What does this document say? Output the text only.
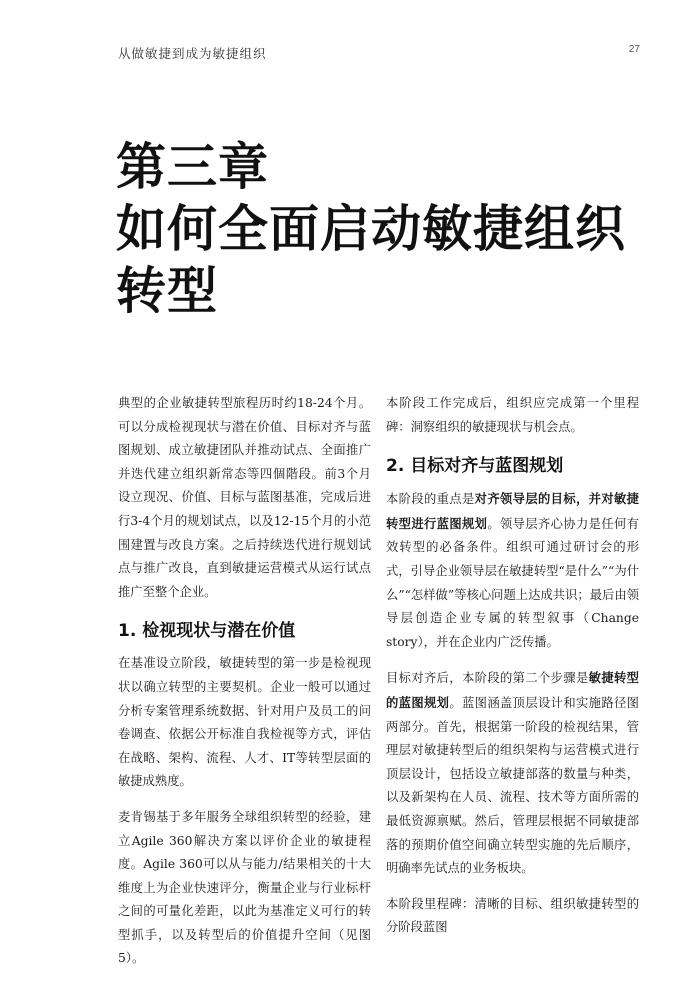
从做敏捷到成为敏捷组织	27
第三章
如何全面启动敏捷组织
转型

典型的企业敏捷转型旅程历时约18-24个月。可以分成检视现状与潜在价值、目标对齐与蓝图规划、成立敏捷团队并推动试点、全面推广并迭代建立组织新常态等四個階段。前3个月设立现况、价值、目标与蓝图基准，完成后进行3-4个月的规划试点，以及12-15个月的小范围建置与改良方案。之后持续迭代进行规划试点与推广改良，直到敏捷运营模式从运行试点推广至整个企业。

1. 检视现状与潜在价值

在基准设立阶段，敏捷转型的第一步是检视现状以确立转型的主要契机。企业一般可以通过分析专案管理系统数据、针对用户及员工的问卷调查、依据公开标准自我检视等方式，评估在战略、架构、流程、人才、IT等转型层面的敏捷成熟度。

麦肯锡基于多年服务全球组织转型的经验，建立Agile 360解决方案以评价企业的敏捷程度。Agile 360可以从与能力/结果相关的十大维度上为企业快速评分，衡量企业与行业标杆之间的可量化差距，以此为基准定义可行的转型抓手，以及转型后的价值提升空间（见图5）。

本阶段工作完成后，组织应完成第一个里程碑：洞察组织的敏捷现状与机会点。

2. 目标对齐与蓝图规划

本阶段的重点是对齐领导层的目标，并对敏捷转型进行蓝图规划。领导层齐心协力是任何有效转型的必备条件。组织可通过研讨会的形式，引导企业领导层在敏捷转型“是什么”“为什么”“怎样做”等核心问题上达成共识；最后由领导层创造企业专属的转型叙事（Change story），并在企业内广泛传播。

目标对齐后，本阶段的第二个步骤是敏捷转型的蓝图规划。蓝图涵盖顶层设计和实施路径图两部分。首先，根据第一阶段的检视结果，管理层对敏捷转型后的组织架构与运营模式进行顶层设计，包括设立敏捷部落的数量与种类，以及新架构在人员、流程、技术等方面所需的最低资源禀赋。然后，管理层根据不同敏捷部落的预期价值空间确立转型实施的先后顺序，明确率先试点的业务板块。

本阶段里程碑：清晰的目标、组织敏捷转型的分阶段蓝图
